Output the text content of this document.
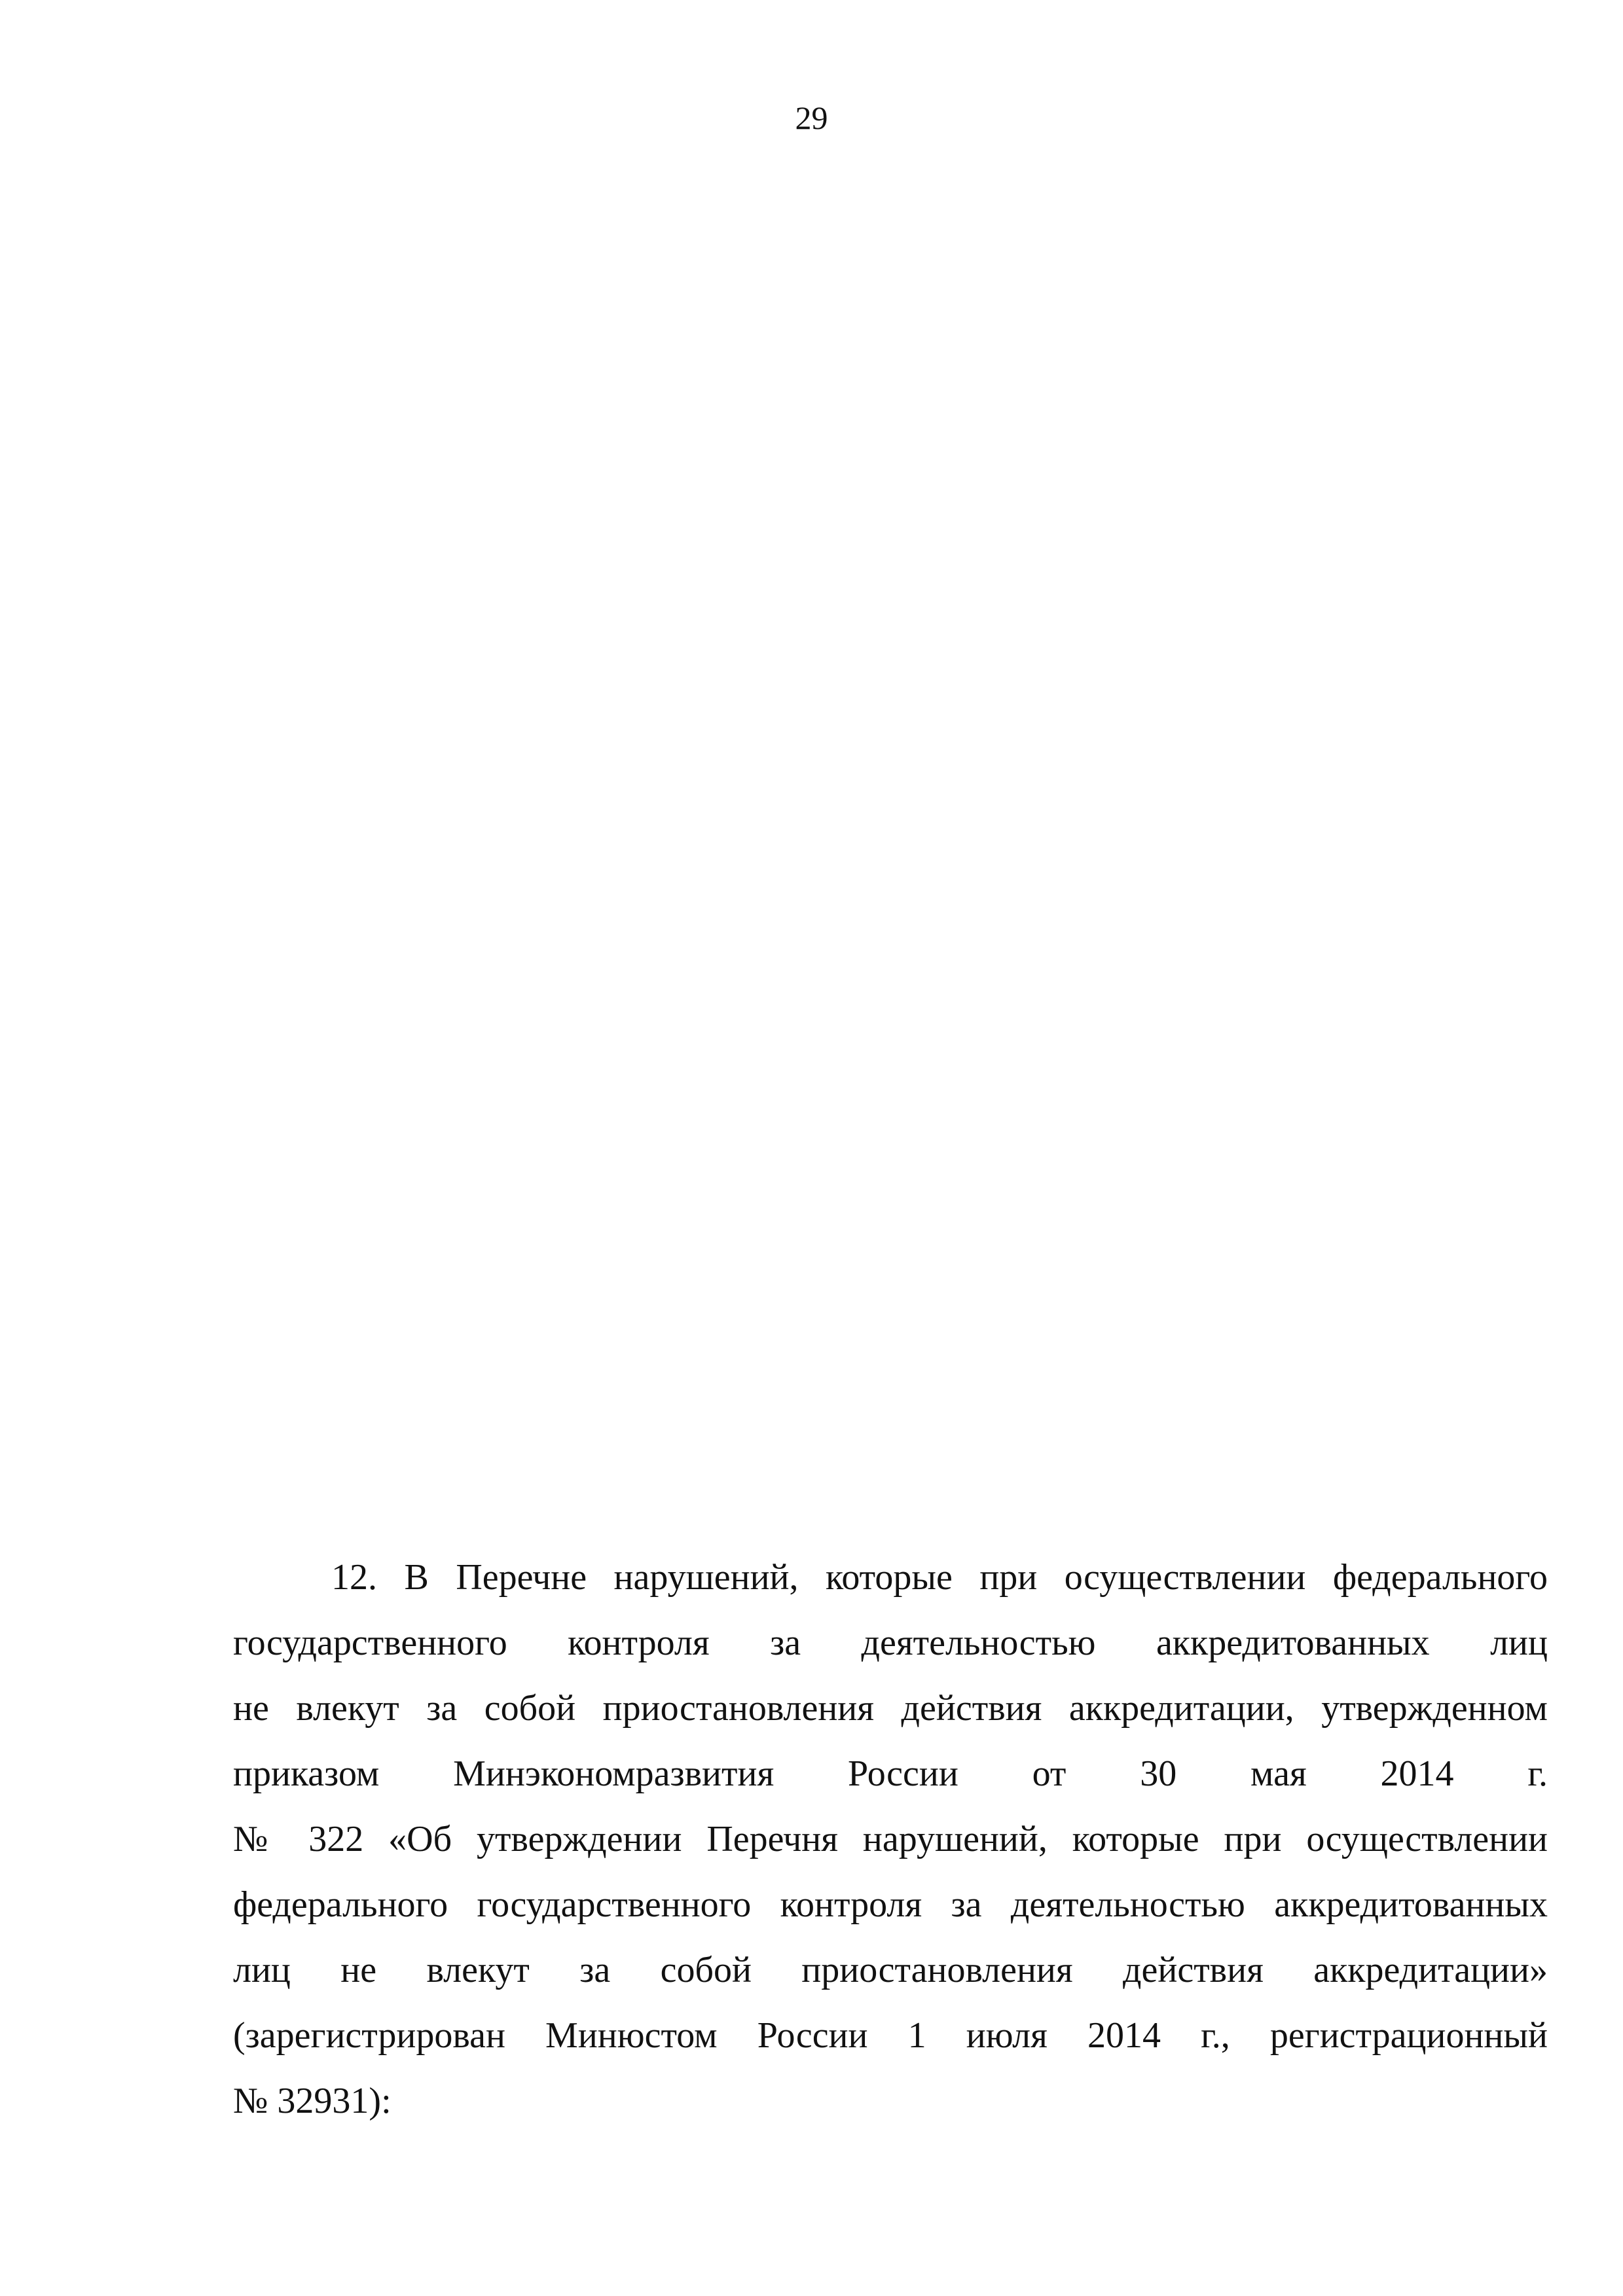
29
12. В Перечне нарушений, которые при осуществлении федерального
государственного контроля за деятельностью аккредитованных лиц
не влекут за собой приостановления действия аккредитации, утвержденном
приказом Минэкономразвития России от 30 мая 2014 г.
№ 322 «Об утверждении Перечня нарушений, которые при осуществлении
федерального государственного контроля за деятельностью аккредитованных
лиц не влекут за собой приостановления действия аккредитации»
(зарегистрирован Минюстом России 1 июля 2014 г., регистрационный
№ 32931):
